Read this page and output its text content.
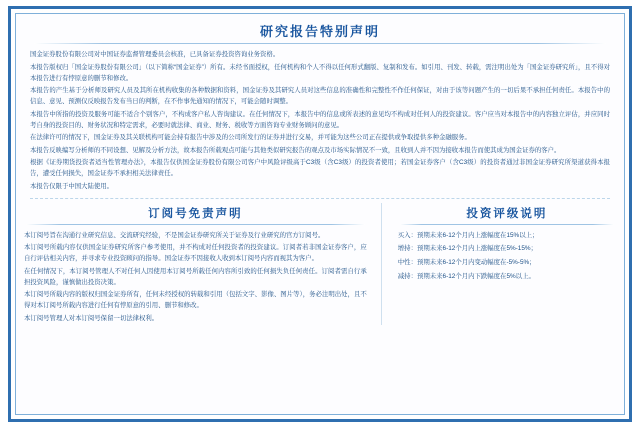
研究报告特别声明

国金证券股份有限公司对中国证券监督管理委员会核准，已具备证券投资咨询业务资格。

本报告版权归「国金证券股份有限公司」（以下简称“国金证券”）所有。未经书面授权，任何机构和个人不得以任何形式翻版、复制和发布。如引用、刊发、转载，需注明出处为「国金证券研究所」，且不得对本报告进行有悖原意的删节和修改。

本报告的产生基于分析师及研究人员及其所在机构收集的各种数据和资料，国金证券及其研究人员对这些信息的准确性和完整性不作任何保证，对由于该等问题产生的一切后果不承担任何责任。本报告中的信息、意见、预测仅反映报告发布当日的判断，在不作事先通知的情况下，可能会随时调整。

本报告中所指的投资及服务可能不适合个别客户，不构成客户私人咨询建议。在任何情况下，本报告中的信息或所表述的意见均不构成对任何人的投资建议。客户应当对本报告中的内容独立评估，并应同时考自身的投资目的、财务状况和特定需求，必要时就法律、商业、财务、税收等方面咨询专业财务顾问的意见。

在法律许可的情况下，国金证券及其关联机构可能会持有报告中涉及的公司所发行的证券并进行交易，并可能为这些公司正在提供或争取提供多种金融服务。

本报告反映编写分析师的不同设想、见解及分析方法，故本报告所载观点可能与其他类似研究报告的观点及市场实际情况不一致，且收到人并不因为接收本报告而使其成为国金证券的客户。

根据《证券期货投资者适当性管理办法》，本报告仅供国金证券股份有限公司客户中风险评级高于C3级（含C3级）的投资者使用；若国金证券客户（含C3级）的投资者通过非国金证券研究所渠道获得本报告，遭受任何损失，国金证券不承担相关法律责任。

本报告仅限于中国大陆使用。

订阅号免责声明

本订阅号旨在沟通行业研究信息、交流研究经验，不是国金证券研究所关于证券及行业研究的官方订阅号。

本订阅号所载内容仅供国金证券研究所客户参考使用，并不构成对任何投资者的投资建议。订阅者若非国金证券客户，应自行评估相关内容，并寻求专业投资顾问的指导。国金证券不因接收人收到本订阅号内容而视其为客户。

在任何情况下，本订阅号管理人不对任何人因使用本订阅号所载任何内容所引致的任何损失负任何责任。订阅者需自行承担投资风险，谨慎做出投资决策。

本订阅号所载内容的版权归国金证券所有，任何未经授权的转载和引用（包括文字、影像、图片等），务必注明出处，且不得对本订阅号所载内容进行任何有悖原意的引用、删节和修改。

本订阅号管理人对本订阅号保留一切法律权利。

投资评级说明

买入：预期未来6-12个月内上涨幅度在15%以上；

增持：预期未来6-12个月内上涨幅度在5%-15%；

中性：预期未来6-12个月内变动幅度在-5%-5%；

减持：预期未来6-12个月内下跌幅度在5%以上。
